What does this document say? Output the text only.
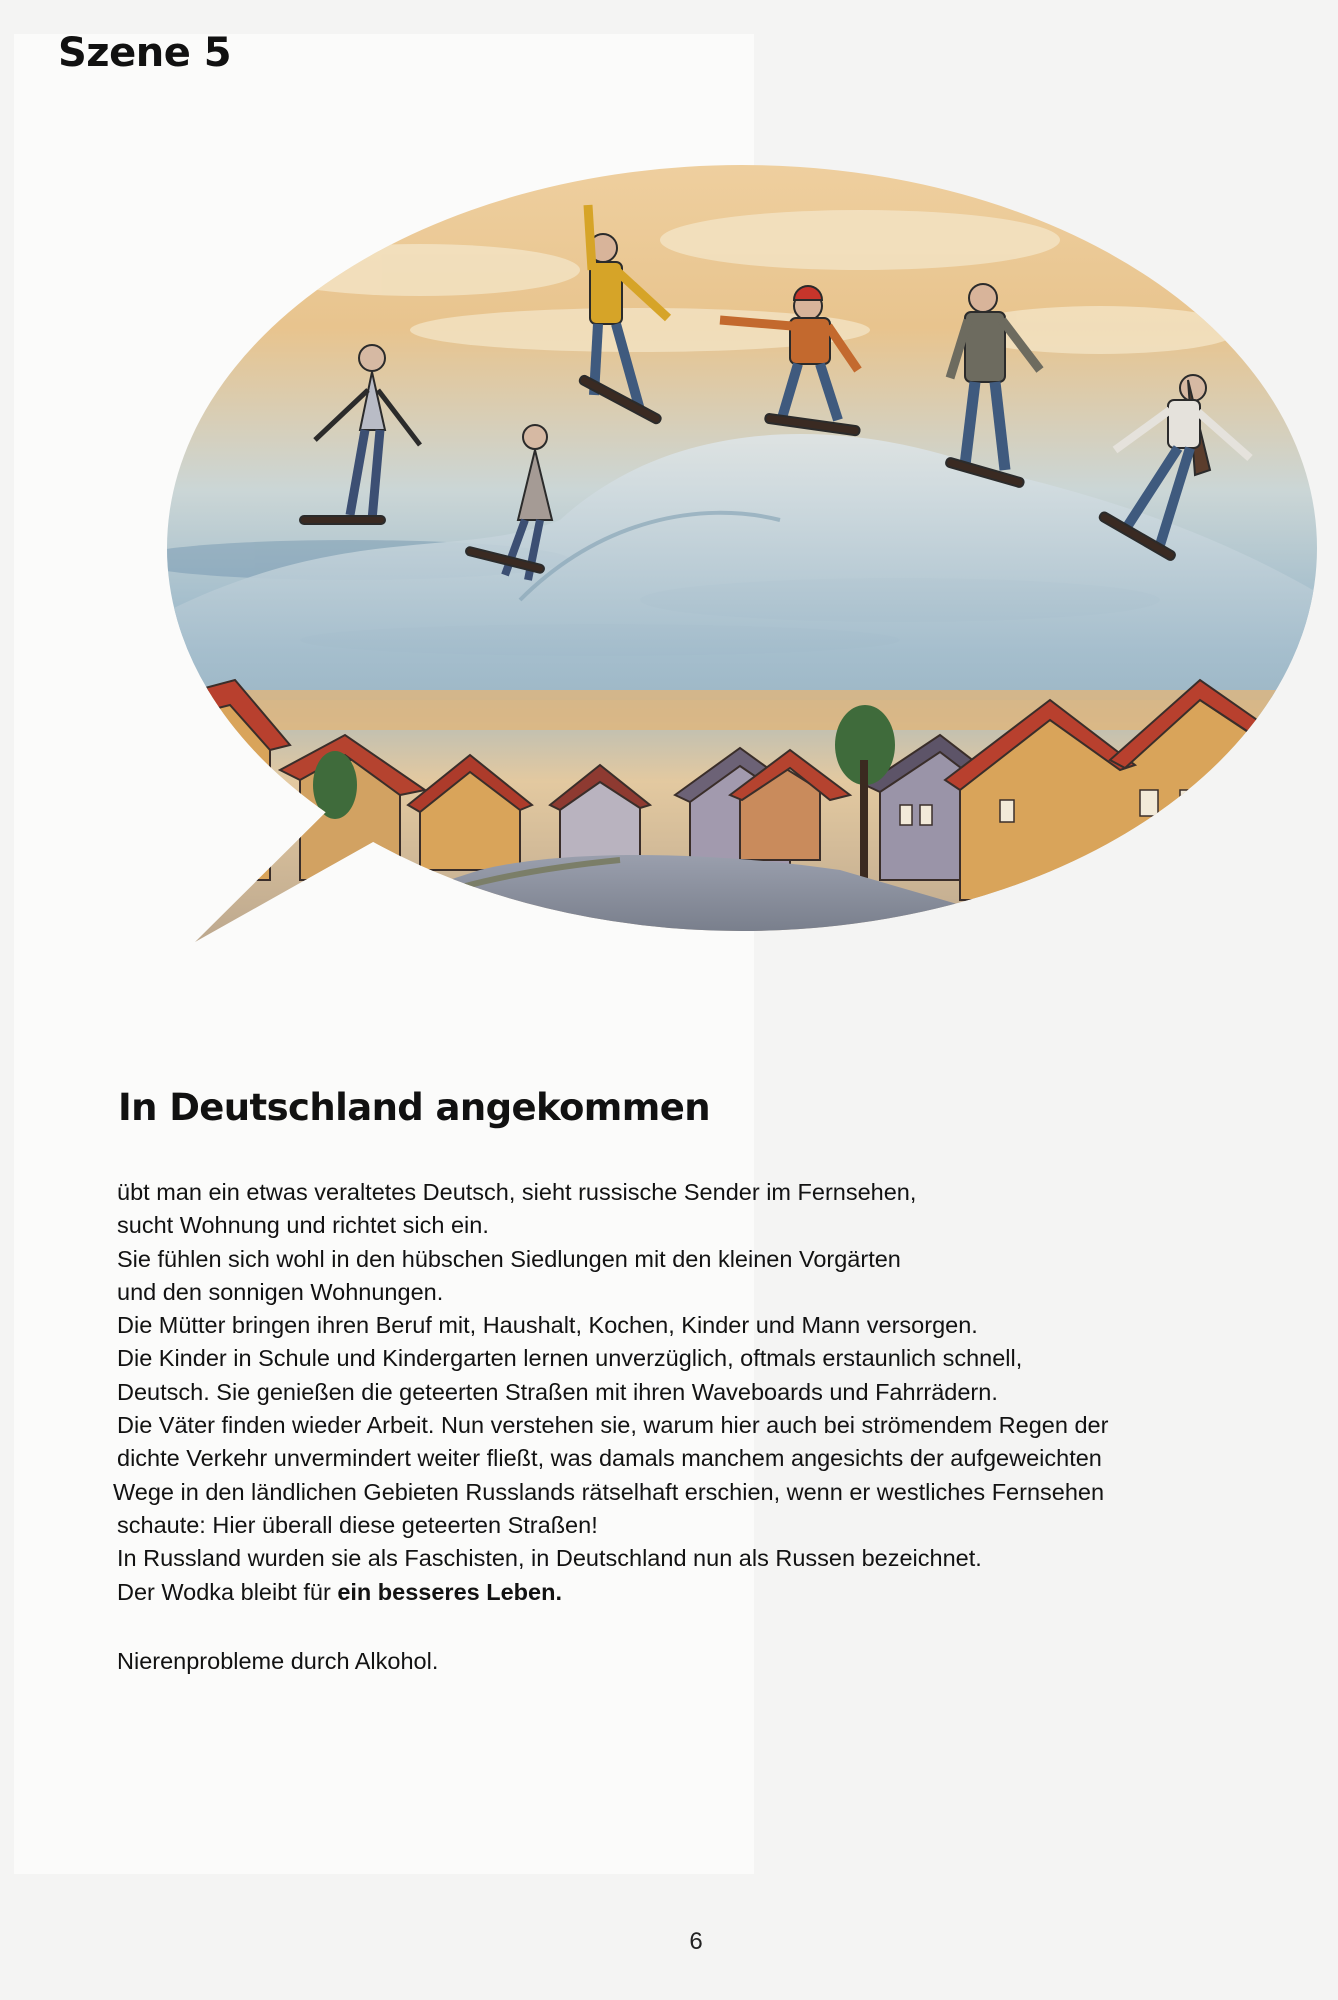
Szene 5
In Deutschland angekommen

übt man ein etwas veraltetes Deutsch, sieht russische Sender im Fernsehen,

sucht Wohnung und richtet sich ein.

Sie fühlen sich wohl in den hübschen Siedlungen mit den kleinen Vorgärten

und den sonnigen Wohnungen.

Die Mütter bringen ihren Beruf mit, Haushalt, Kochen, Kinder und Mann versorgen.

Die Kinder in Schule und Kindergarten lernen unverzüglich, oftmals erstaunlich schnell,

Deutsch. Sie genießen die geteerten Straßen mit ihren Waveboards und Fahrrädern.

Die Väter finden wieder Arbeit. Nun verstehen sie, warum hier auch bei strömendem Regen der

dichte Verkehr unvermindert weiter fließt, was damals manchem angesichts der aufgeweichten

Wege in den ländlichen Gebieten Russlands rätselhaft erschien, wenn er westliches Fernsehen

schaute: Hier überall diese geteerten Straßen!

In Russland wurden sie als Faschisten, in Deutschland nun als Russen bezeichnet.

Der Wodka bleibt für ein besseres Leben.

Nierenprobleme durch Alkohol.

6
